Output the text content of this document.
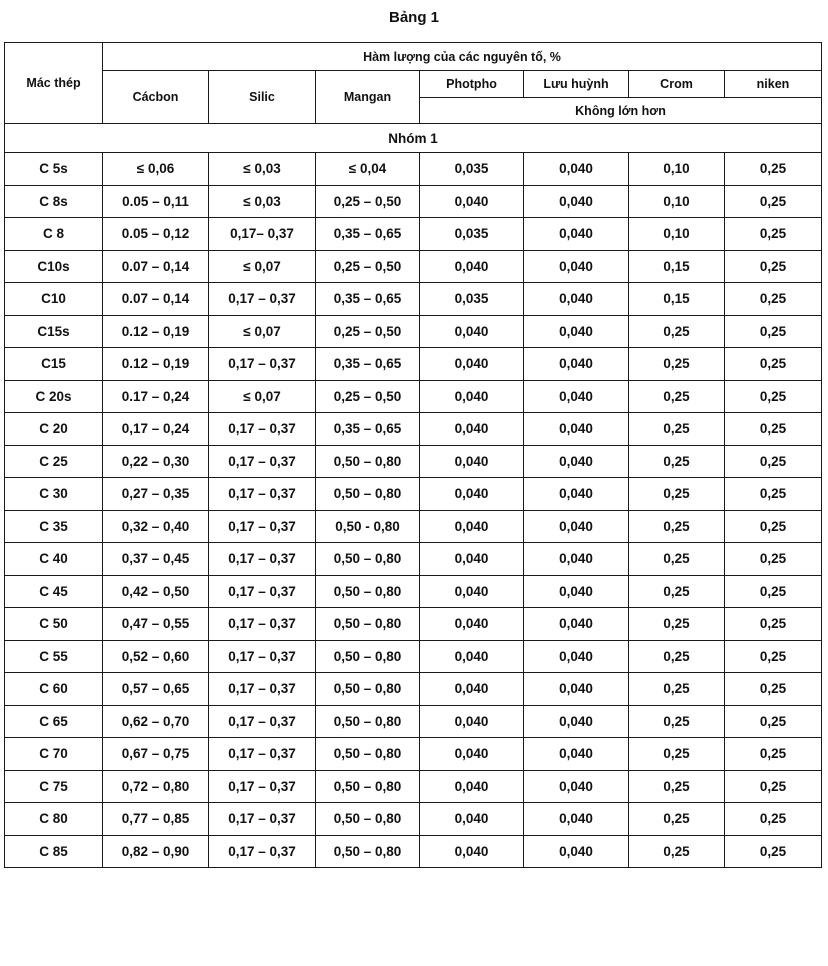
Bảng 1
Mác thép	Hàm lượng của các nguyên tố, %						
	Cácbon	Silic	Mangan	Photpho	Lưu huỳnh	Crom	niken
				Không lớn hơn			
Nhóm 1							
C 5s	≤ 0,06	≤ 0,03	≤ 0,04	0,035	0,040	0,10	0,25
C 8s	0.05 – 0,11	≤ 0,03	0,25 – 0,50	0,040	0,040	0,10	0,25
C 8	0.05 – 0,12	0,17– 0,37	0,35 – 0,65	0,035	0,040	0,10	0,25
C10s	0.07 – 0,14	≤ 0,07	0,25 – 0,50	0,040	0,040	0,15	0,25
C10	0.07 – 0,14	0,17 – 0,37	0,35 – 0,65	0,035	0,040	0,15	0,25
C15s	0.12 – 0,19	≤ 0,07	0,25 – 0,50	0,040	0,040	0,25	0,25
C15	0.12 – 0,19	0,17 – 0,37	0,35 – 0,65	0,040	0,040	0,25	0,25
C 20s	0.17 – 0,24	≤ 0,07	0,25 – 0,50	0,040	0,040	0,25	0,25
C 20	0,17 – 0,24	0,17 – 0,37	0,35 – 0,65	0,040	0,040	0,25	0,25
C 25	0,22 – 0,30	0,17 – 0,37	0,50 – 0,80	0,040	0,040	0,25	0,25
C 30	0,27 – 0,35	0,17 – 0,37	0,50 – 0,80	0,040	0,040	0,25	0,25
C 35	0,32 – 0,40	0,17 – 0,37	0,50 - 0,80	0,040	0,040	0,25	0,25
C 40	0,37 – 0,45	0,17 – 0,37	0,50 – 0,80	0,040	0,040	0,25	0,25
C 45	0,42 – 0,50	0,17 – 0,37	0,50 – 0,80	0,040	0,040	0,25	0,25
C 50	0,47 – 0,55	0,17 – 0,37	0,50 – 0,80	0,040	0,040	0,25	0,25
C 55	0,52 – 0,60	0,17 – 0,37	0,50 – 0,80	0,040	0,040	0,25	0,25
C 60	0,57 – 0,65	0,17 – 0,37	0,50 – 0,80	0,040	0,040	0,25	0,25
C 65	0,62 – 0,70	0,17 – 0,37	0,50 – 0,80	0,040	0,040	0,25	0,25
C 70	0,67 – 0,75	0,17 – 0,37	0,50 – 0,80	0,040	0,040	0,25	0,25
C 75	0,72 – 0,80	0,17 – 0,37	0,50 – 0,80	0,040	0,040	0,25	0,25
C 80	0,77 – 0,85	0,17 – 0,37	0,50 – 0,80	0,040	0,040	0,25	0,25
C 85	0,82 – 0,90	0,17 – 0,37	0,50 – 0,80	0,040	0,040	0,25	0,25
